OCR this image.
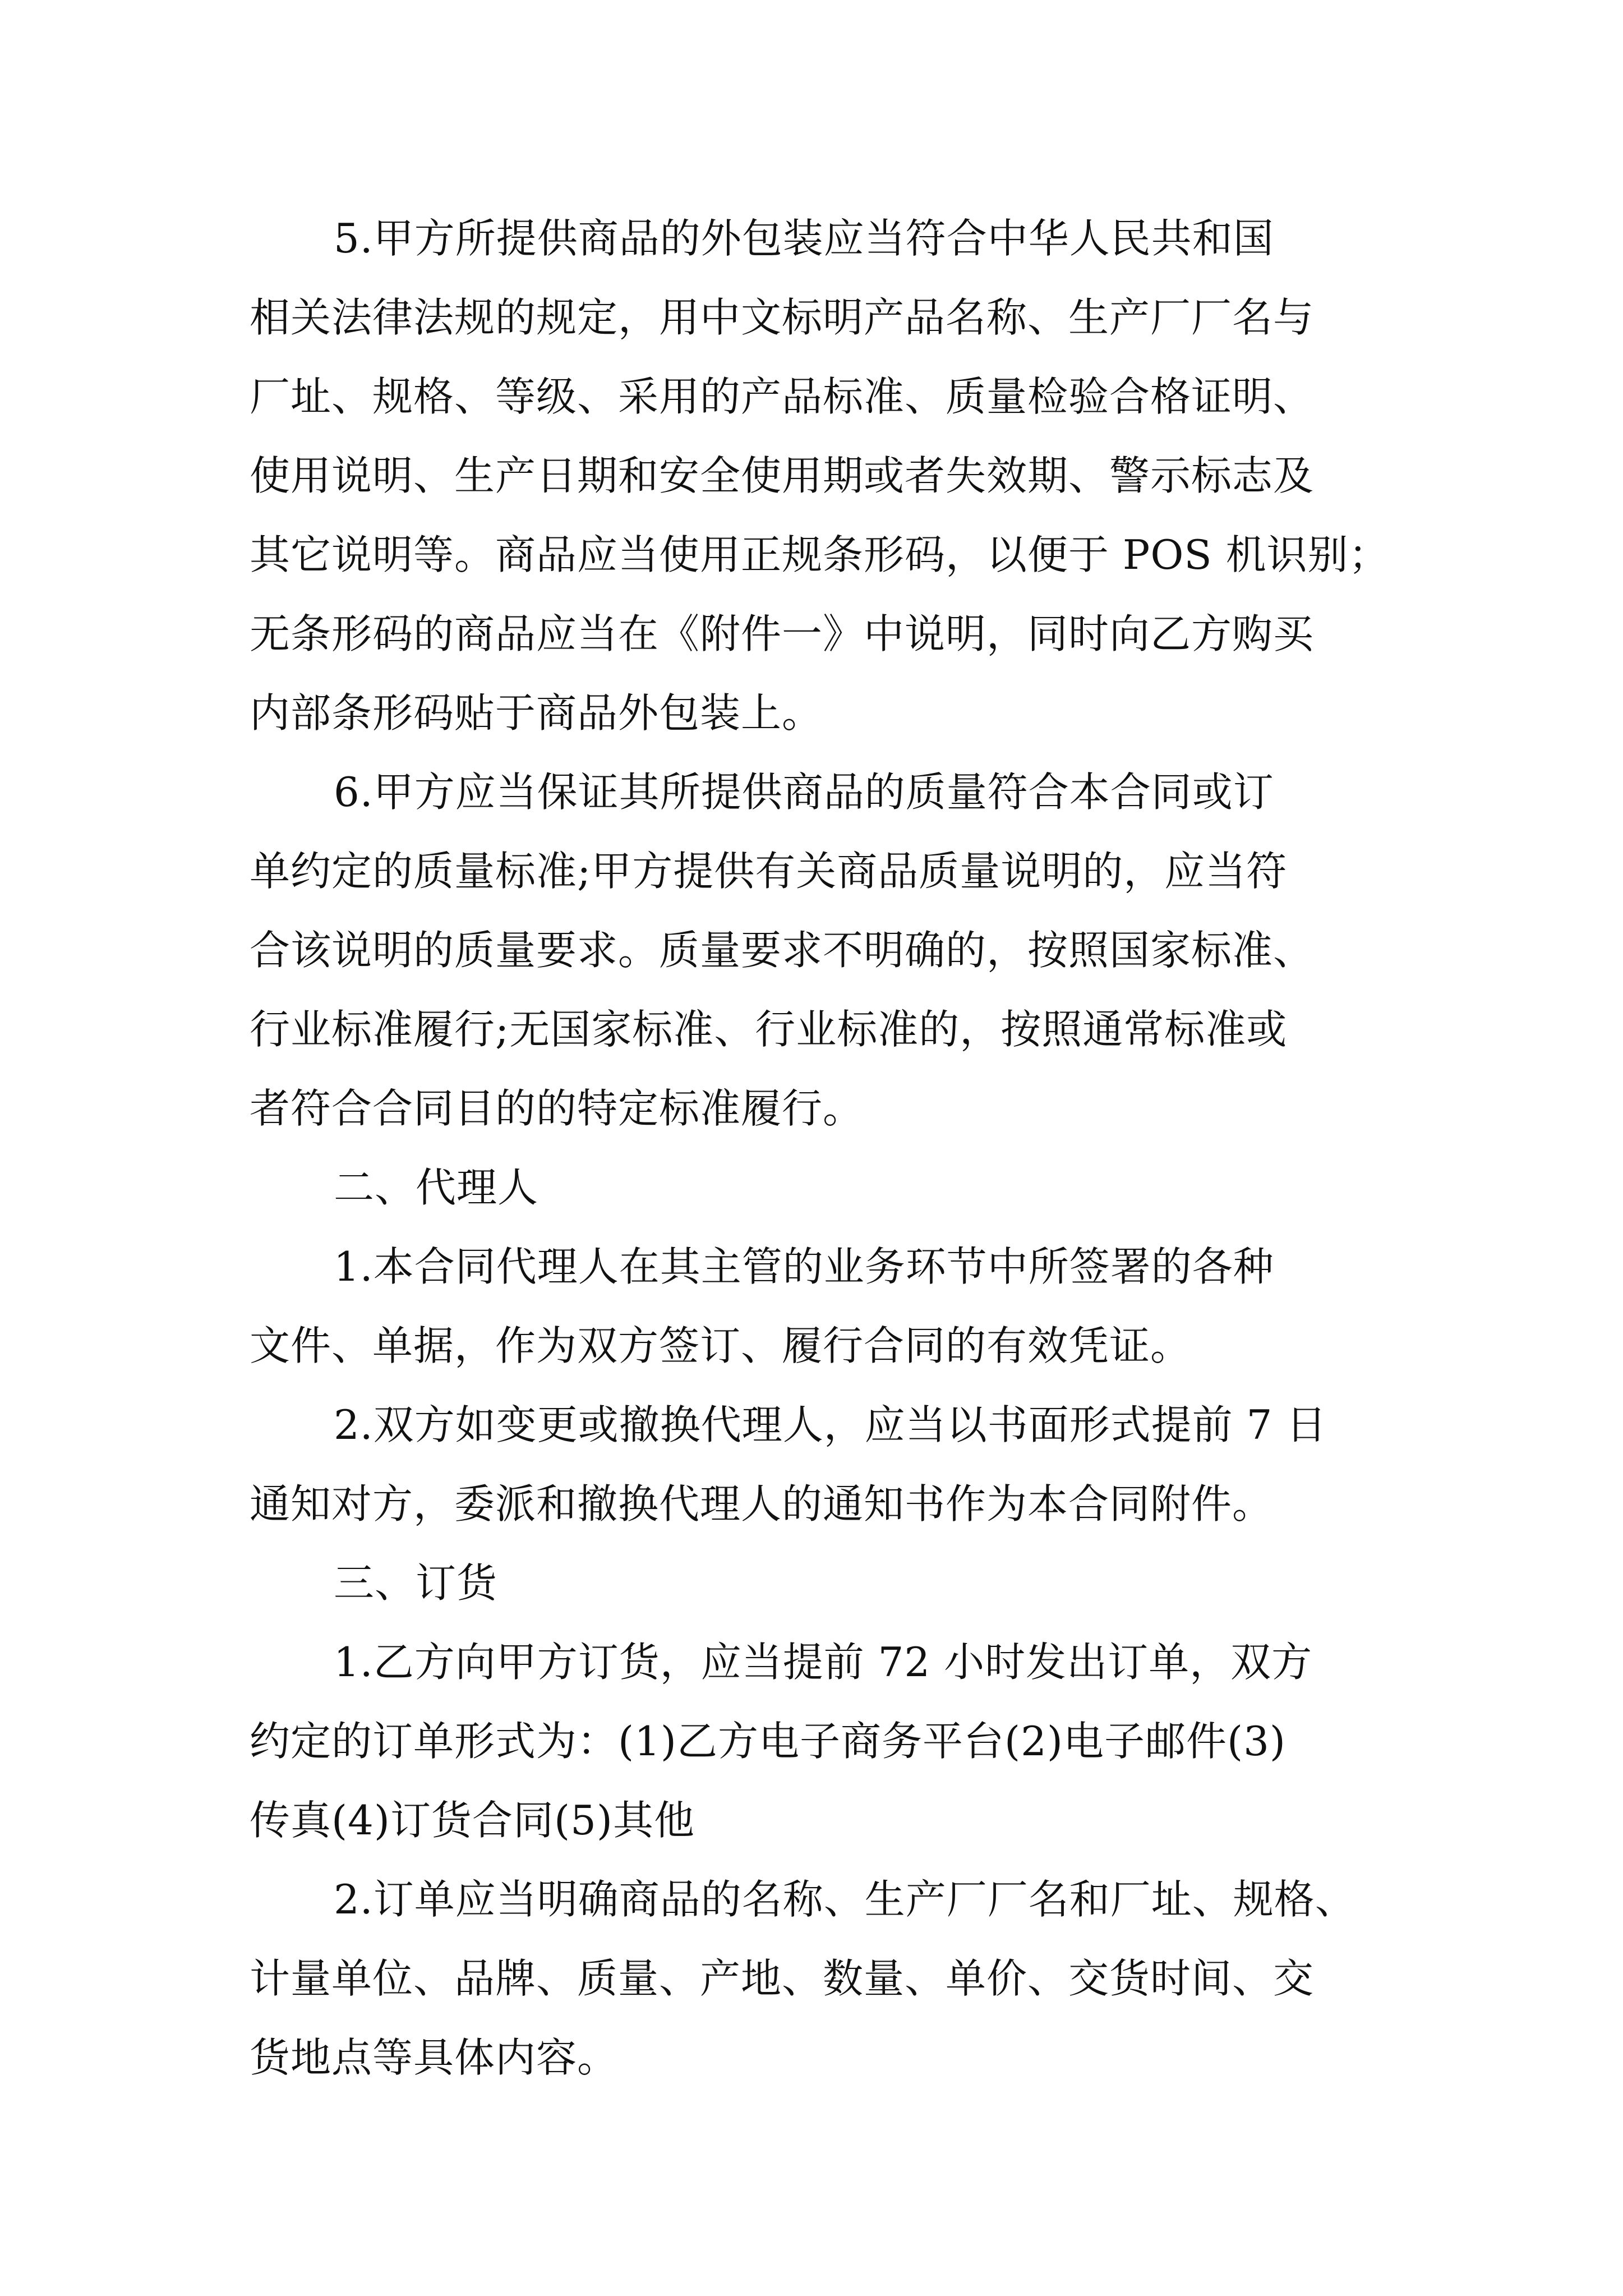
5.甲方所提供商品的外包装应当符合中华人民共和国
相关法律法规的规定，用中文标明产品名称、生产厂厂名与
厂址、规格、等级、采用的产品标准、质量检验合格证明、
使用说明、生产日期和安全使用期或者失效期、警示标志及
其它说明等。商品应当使用正规条形码，以便于 POS 机识别；
无条形码的商品应当在《附件一》中说明，同时向乙方购买
内部条形码贴于商品外包装上。
6.甲方应当保证其所提供商品的质量符合本合同或订
单约定的质量标准;甲方提供有关商品质量说明的，应当符
合该说明的质量要求。质量要求不明确的，按照国家标准、
行业标准履行;无国家标准、行业标准的，按照通常标准或
者符合合同目的的特定标准履行。
二、代理人
1.本合同代理人在其主管的业务环节中所签署的各种
文件、单据，作为双方签订、履行合同的有效凭证。
2.双方如变更或撤换代理人，应当以书面形式提前 7 日
通知对方，委派和撤换代理人的通知书作为本合同附件。
三、订货
1.乙方向甲方订货，应当提前 72 小时发出订单，双方
约定的订单形式为：(1)乙方电子商务平台(2)电子邮件(3)
传真(4)订货合同(5)其他
2.订单应当明确商品的名称、生产厂厂名和厂址、规格、
计量单位、品牌、质量、产地、数量、单价、交货时间、交
货地点等具体内容。
